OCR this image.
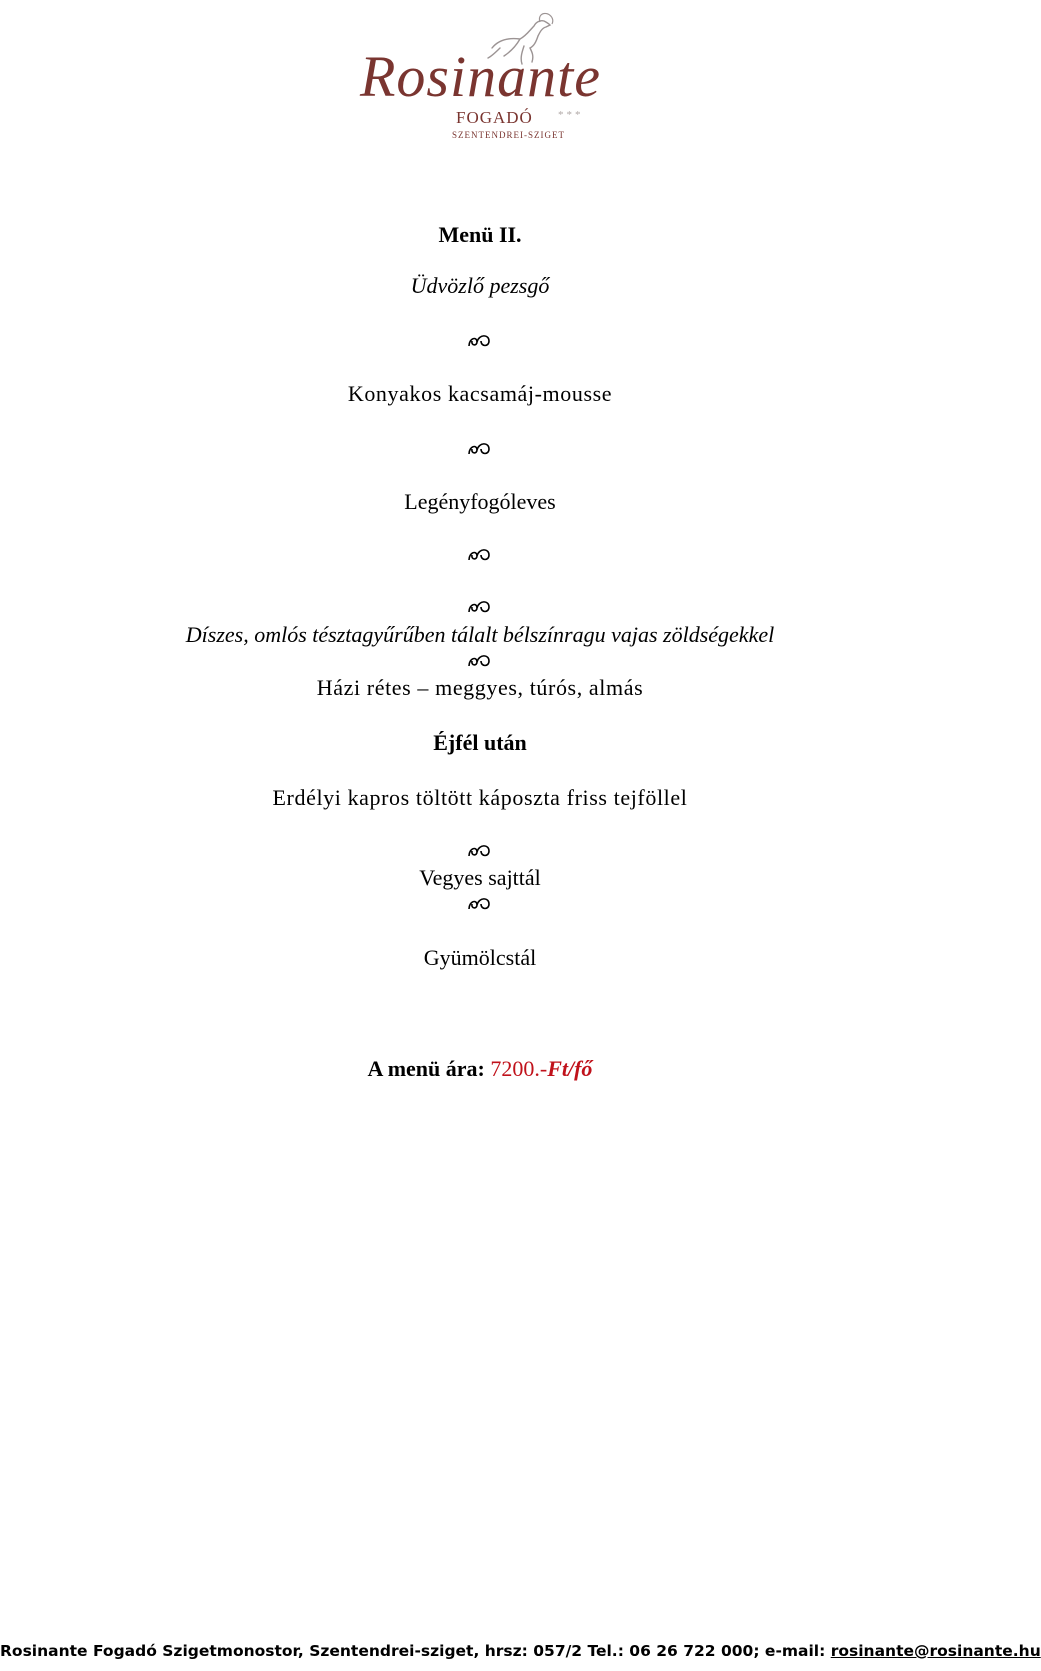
Rosinante
FOGADÓ ***
SZENTENDREI-SZIGET
Menü II.
Üdvözlő pezsgő
Konyakos kacsamáj-mousse
Legényfogóleves
Díszes, omlós tésztagyűrűben tálalt bélszínragu vajas zöldségekkel
Házi rétes – meggyes, túrós, almás
Éjfél után
Erdélyi kapros töltött káposzta friss tejföllel
Vegyes sajttál
Gyümölcstál
A menü ára: 7200.-Ft/fő
Rosinante Fogadó Szigetmonostor, Szentendrei-sziget, hrsz: 057/2 Tel.: 06 26 722 000; e-mail: rosinante@rosinante.hu
